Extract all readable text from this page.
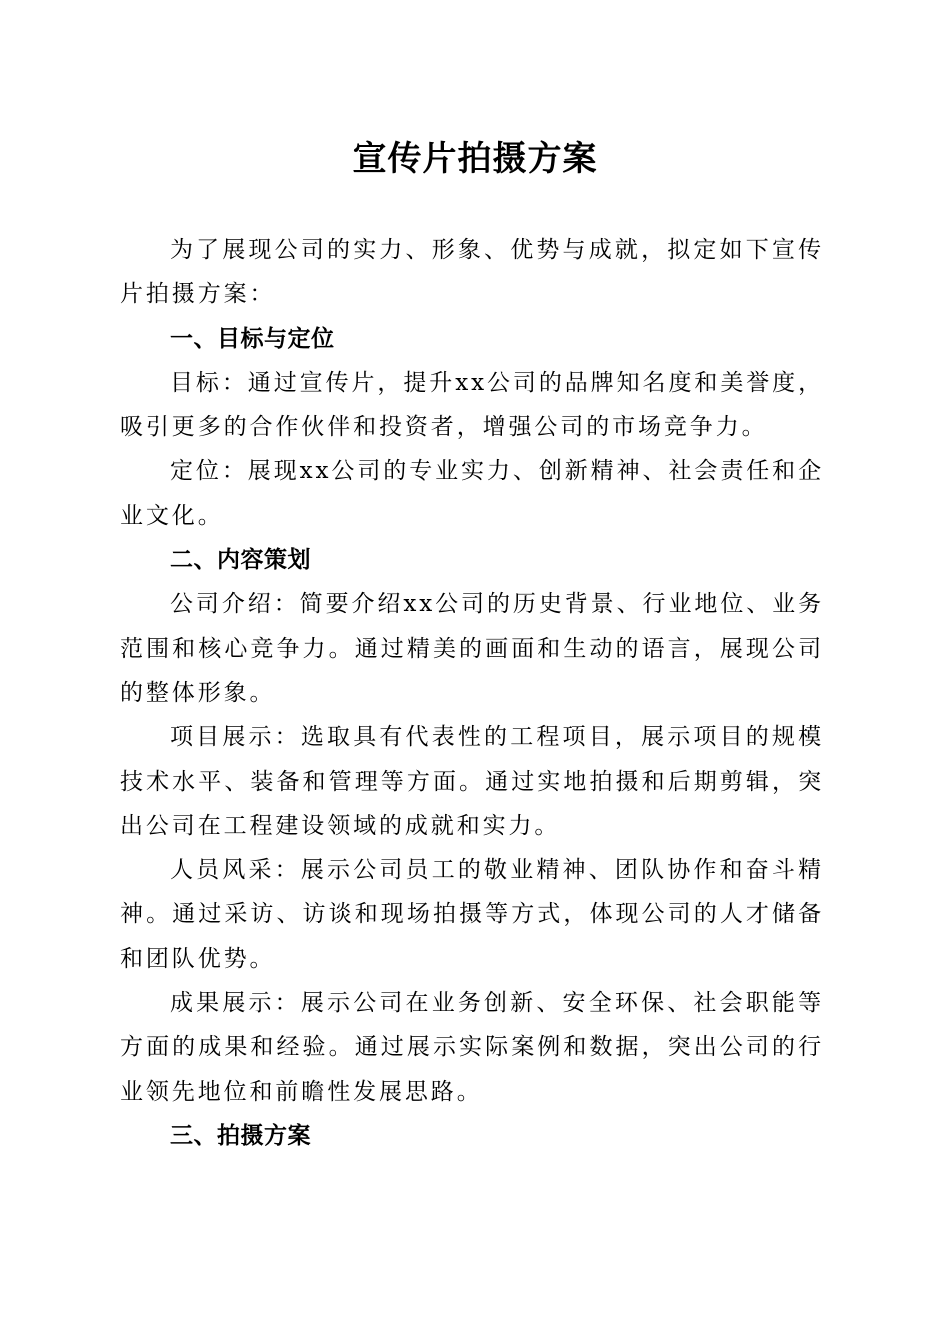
宣传片拍摄方案

为了展现公司的实力、形象、优势与成就，拟定如下宣传片拍摄方案：

一、目标与定位

目标：通过宣传片，提升xx公司的品牌知名度和美誉度，吸引更多的合作伙伴和投资者，增强公司的市场竞争力。

定位：展现xx公司的专业实力、创新精神、社会责任和企业文化。

二、内容策划

公司介绍：简要介绍xx公司的历史背景、行业地位、业务范围和核心竞争力。通过精美的画面和生动的语言，展现公司的整体形象。

项目展示：选取具有代表性的工程项目，展示项目的规模技术水平、装备和管理等方面。通过实地拍摄和后期剪辑，突出公司在工程建设领域的成就和实力。

人员风采：展示公司员工的敬业精神、团队协作和奋斗精神。通过采访、访谈和现场拍摄等方式，体现公司的人才储备和团队优势。

成果展示：展示公司在业务创新、安全环保、社会职能等方面的成果和经验。通过展示实际案例和数据，突出公司的行业领先地位和前瞻性发展思路。

三、拍摄方案
